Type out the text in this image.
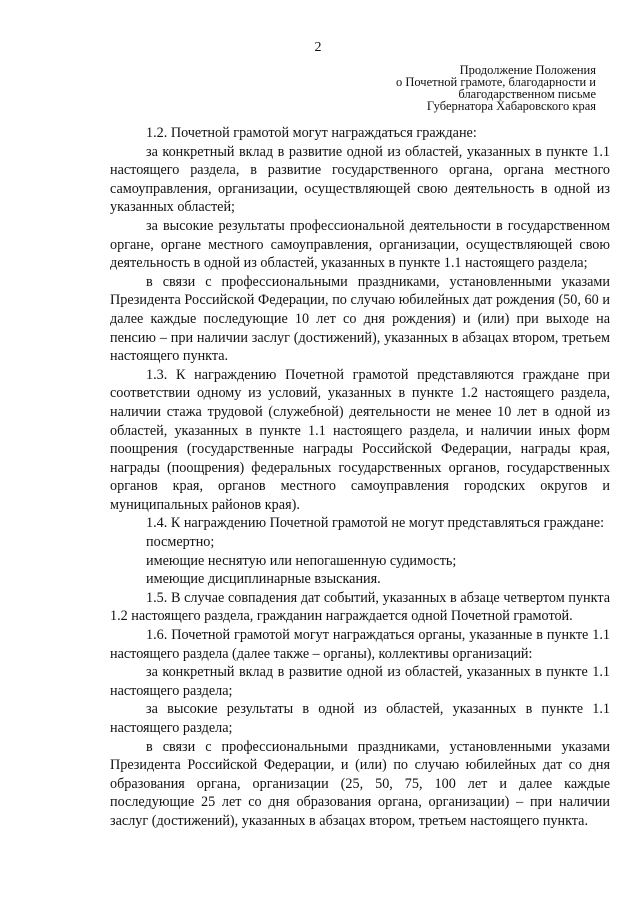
2
Продолжение Положения
о Почетной грамоте, благодарности и
благодарственном письме
Губернатора Хабаровского края

1.2. Почетной грамотой могут награждаться граждане:

за конкретный вклад в развитие одной из областей, указанных в пункте 1.1 настоящего раздела, в развитие государственного органа, органа местного самоуправления, организации, осуществляющей свою деятельность в одной из указанных областей;

за высокие результаты профессиональной деятельности в государственном органе, органе местного самоуправления, организации, осуществляющей свою деятельность в одной из областей, указанных в пункте 1.1 настоящего раздела;

в связи с профессиональными праздниками, установленными указами Президента Российской Федерации, по случаю юбилейных дат рождения (50, 60 и далее каждые последующие 10 лет со дня рождения) и (или) при выходе на пенсию – при наличии заслуг (достижений), указанных в абзацах втором, третьем настоящего пункта.

1.3. К награждению Почетной грамотой представляются граждане при соответствии одному из условий, указанных в пункте 1.2 настоящего раздела, наличии стажа трудовой (служебной) деятельности не менее 10 лет в одной из областей, указанных в пункте 1.1 настоящего раздела, и наличии иных форм поощрения (государственные награды Российской Федерации, награды края, награды (поощрения) федеральных государственных органов, государственных органов края, органов местного самоуправления городских округов и муниципальных районов края).

1.4. К награждению Почетной грамотой не могут представляться граждане:

посмертно;

имеющие неснятую или непогашенную судимость;

имеющие дисциплинарные взыскания.

1.5. В случае совпадения дат событий, указанных в абзаце четвертом пункта 1.2 настоящего раздела, гражданин награждается одной Почетной грамотой.

1.6. Почетной грамотой могут награждаться органы, указанные в пункте 1.1 настоящего раздела (далее также – органы), коллективы организаций:

за конкретный вклад в развитие одной из областей, указанных в пункте 1.1 настоящего раздела;

за высокие результаты в одной из областей, указанных в пункте 1.1 настоящего раздела;

в связи с профессиональными праздниками, установленными указами Президента Российской Федерации, и (или) по случаю юбилейных дат со дня образования органа, организации (25, 50, 75, 100 лет и далее каждые последующие 25 лет со дня образования органа, организации) – при наличии заслуг (достижений), указанных в абзацах втором, третьем настоящего пункта.
